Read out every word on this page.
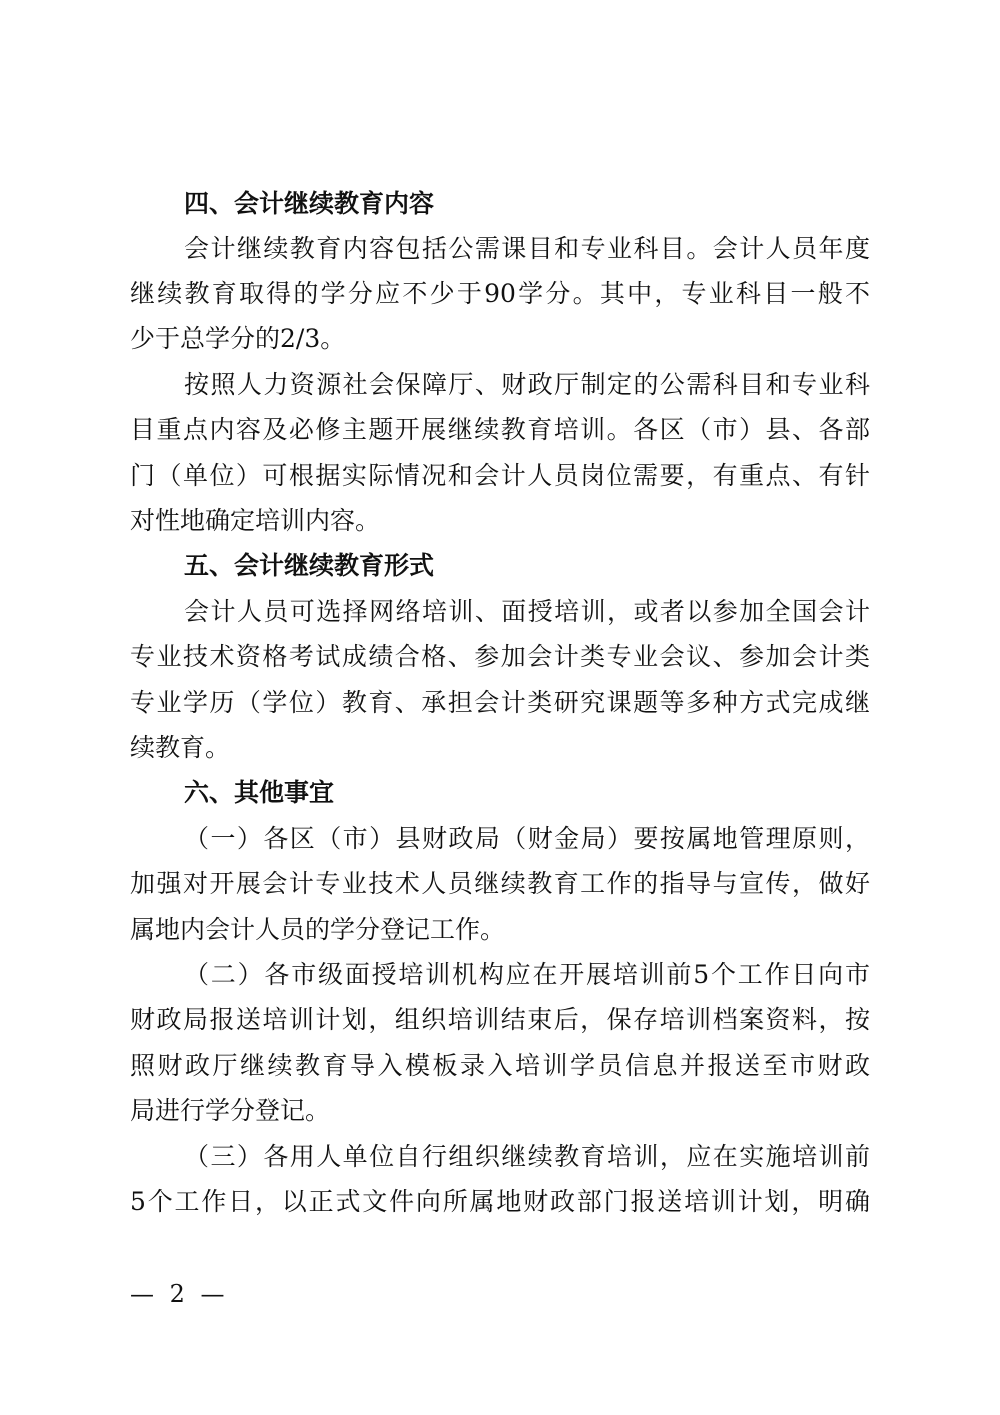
四、会计继续教育内容
会计继续教育内容包括公需课目和专业科目。会计人员年度
继续教育取得的学分应不少于90学分。其中，专业科目一般不
少于总学分的2/3。
按照人力资源社会保障厅、财政厅制定的公需科目和专业科
目重点内容及必修主题开展继续教育培训。各区（市）县、各部
门（单位）可根据实际情况和会计人员岗位需要，有重点、有针
对性地确定培训内容。
五、会计继续教育形式
会计人员可选择网络培训、面授培训，或者以参加全国会计
专业技术资格考试成绩合格、参加会计类专业会议、参加会计类
专业学历（学位）教育、承担会计类研究课题等多种方式完成继
续教育。
六、其他事宜
（一）各区（市）县财政局（财金局）要按属地管理原则，
加强对开展会计专业技术人员继续教育工作的指导与宣传，做好
属地内会计人员的学分登记工作。
（二）各市级面授培训机构应在开展培训前5个工作日向市
财政局报送培训计划，组织培训结束后，保存培训档案资料，按
照财政厅继续教育导入模板录入培训学员信息并报送至市财政
局进行学分登记。
（三）各用人单位自行组织继续教育培训，应在实施培训前
5个工作日，以正式文件向所属地财政部门报送培训计划，明确
— 2 —
